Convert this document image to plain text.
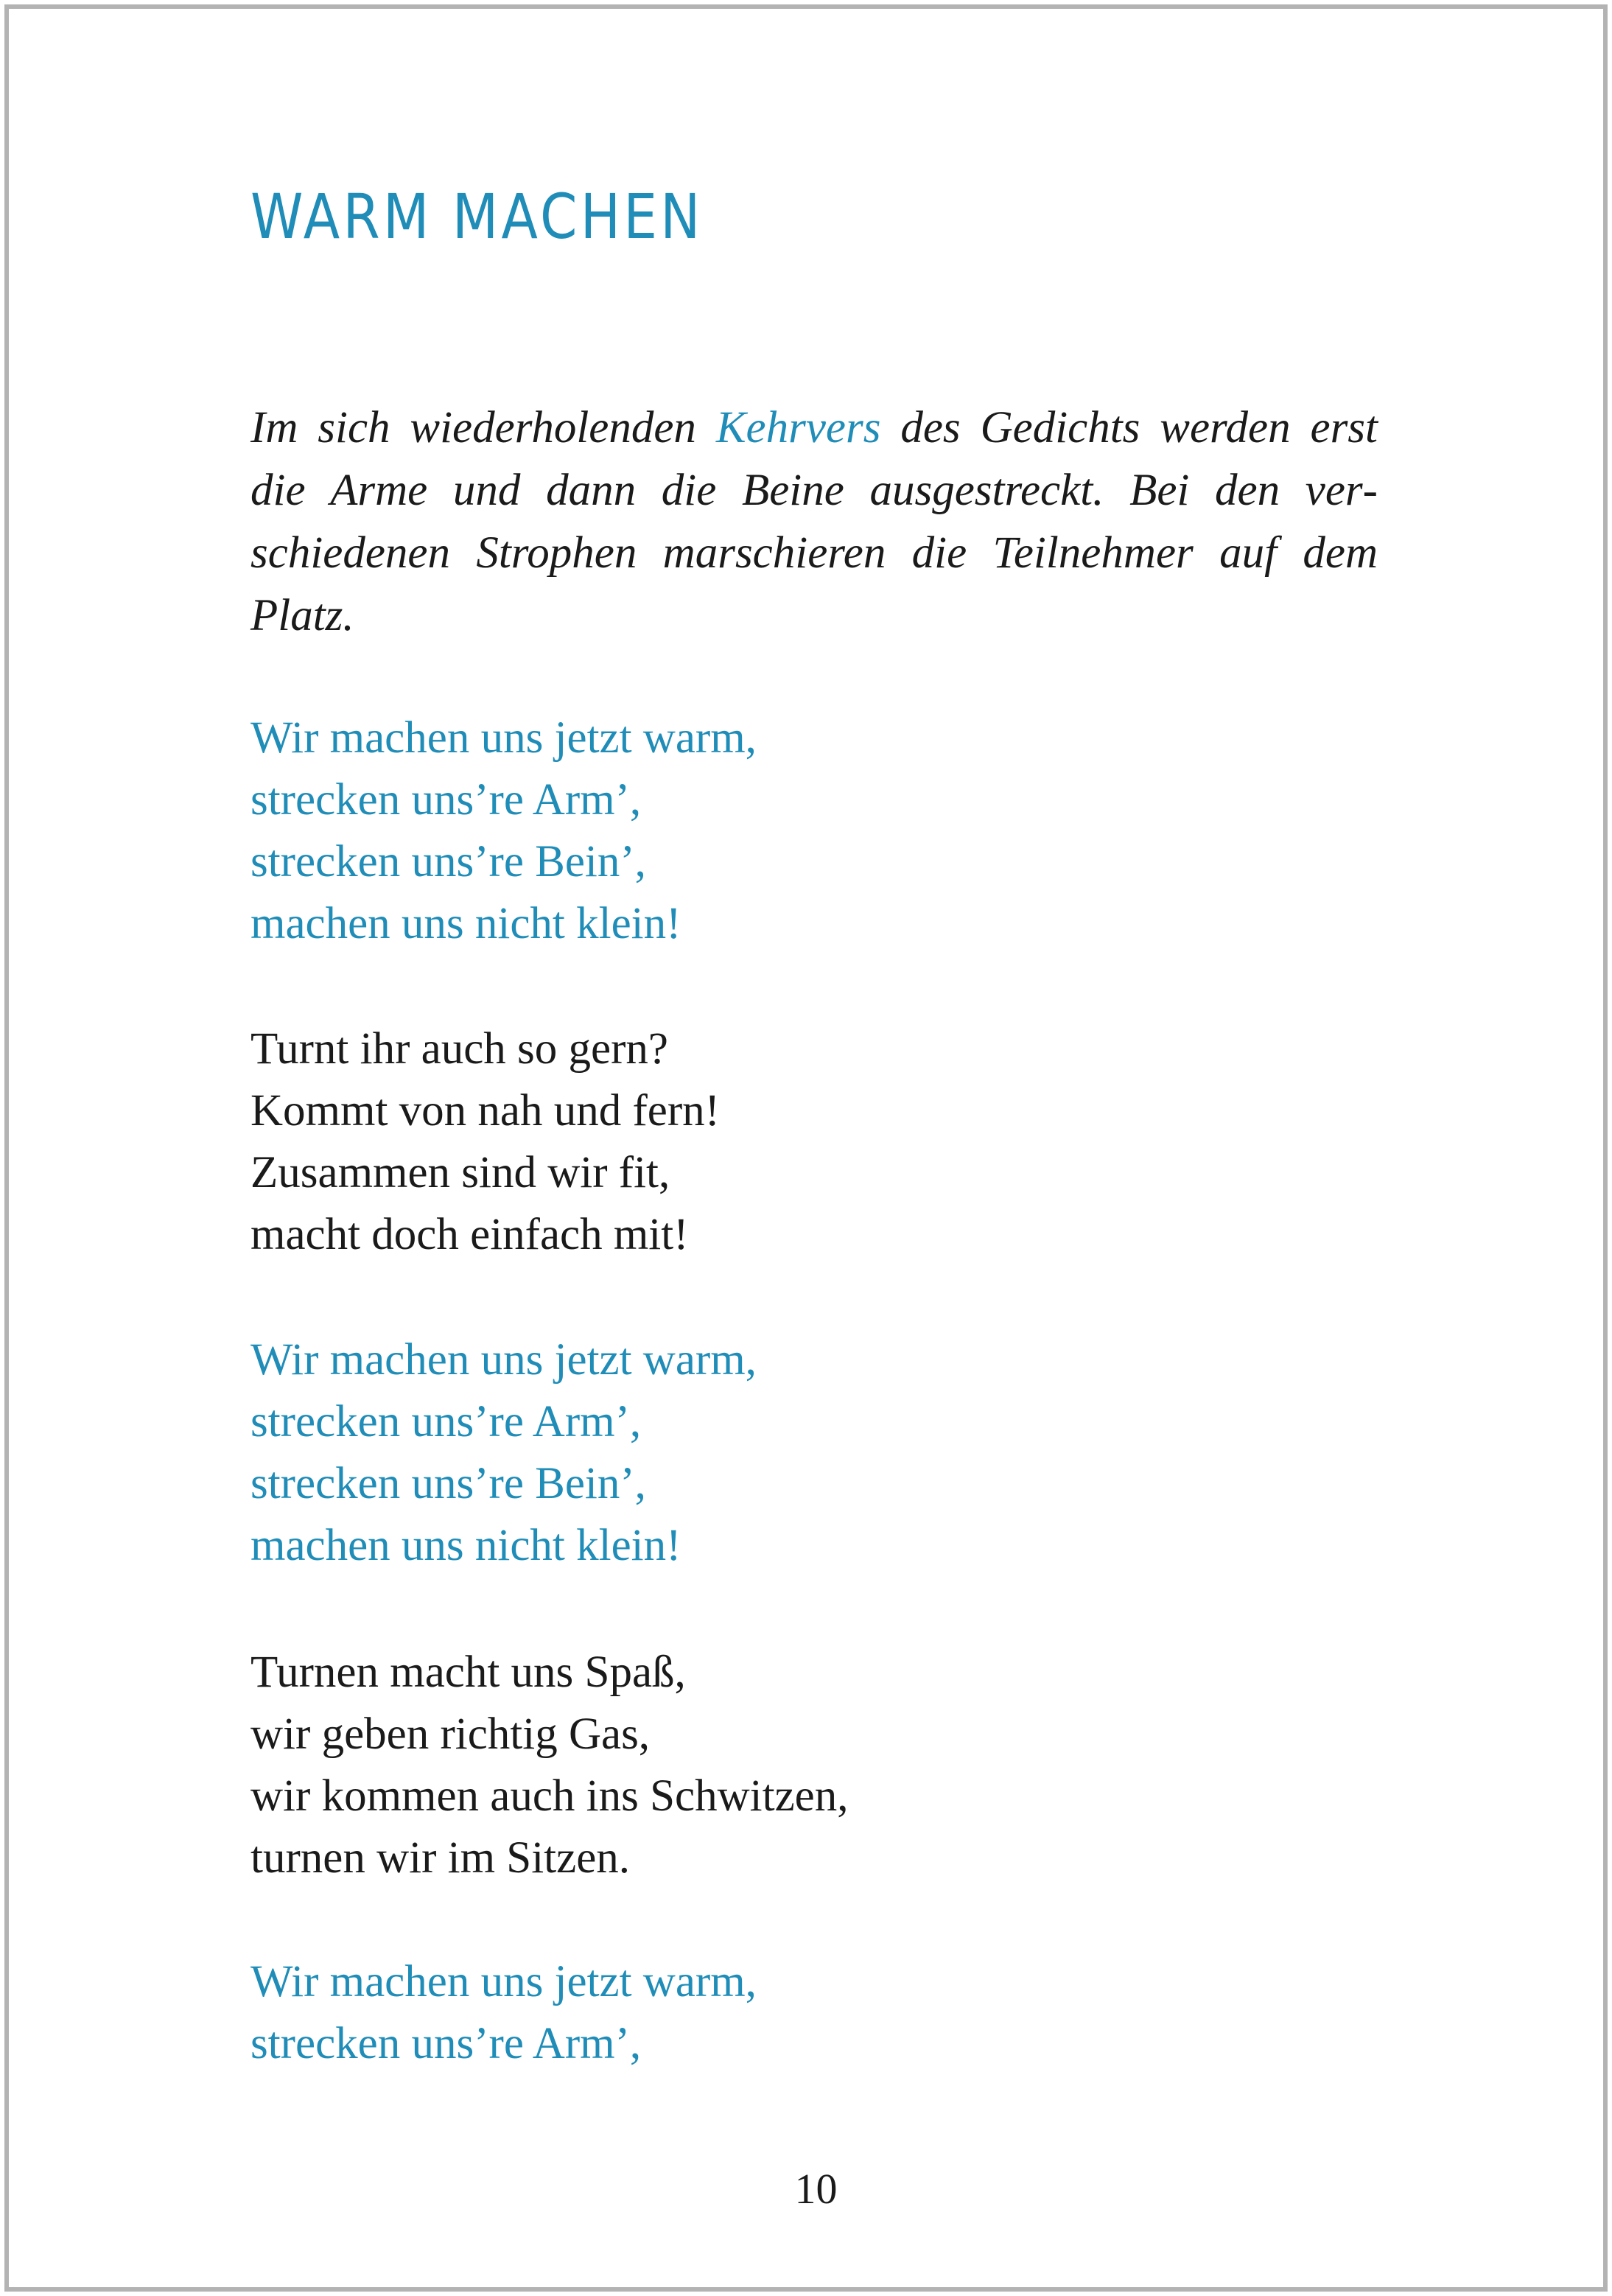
WARM MACHEN

Im sich wiederholenden Kehrvers des Gedichts werden erst die Arme und dann die Beine ausgestreckt. Bei den verschiedenen Strophen marschieren die Teilnehmer auf dem Platz.

Wir machen uns jetzt warm,
strecken uns’re Arm’,
strecken uns’re Bein’,
machen uns nicht klein!
Turnt ihr auch so gern?
Kommt von nah und fern!
Zusammen sind wir fit,
macht doch einfach mit!
Wir machen uns jetzt warm,
strecken uns’re Arm’,
strecken uns’re Bein’,
machen uns nicht klein!
Turnen macht uns Spaß,
wir geben richtig Gas,
wir kommen auch ins Schwitzen,
turnen wir im Sitzen.
Wir machen uns jetzt warm,
strecken uns’re Arm’,
10
